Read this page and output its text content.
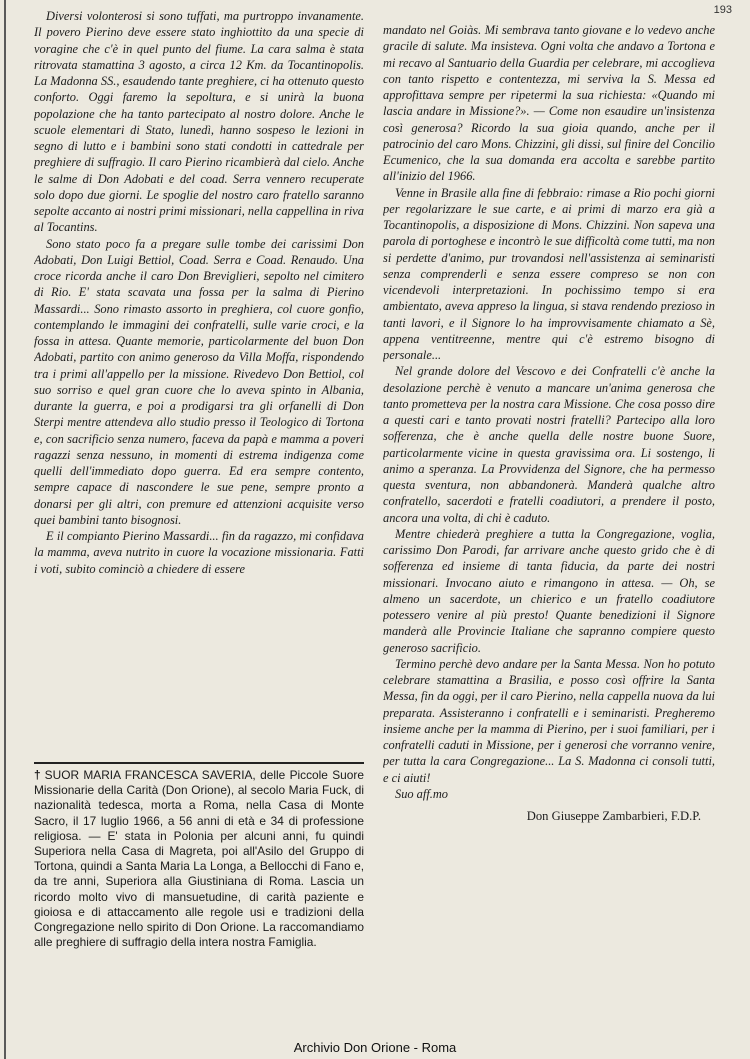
193

Diversi volonterosi si sono tuffati, ma purtroppo invanamente. Il povero Pierino deve essere stato inghiottito da una specie di voragine che c'è in quel punto del fiume. La cara salma è stata ritrovata stamattina 3 agosto, a circa 12 Km. da Tocantinopolis. La Madonna SS., esaudendo tante preghiere, ci ha ottenuto questo conforto. Oggi faremo la sepoltura, e si unirà la buona popolazione che ha tanto partecipato al nostro dolore. Anche le scuole elementari di Stato, lunedì, hanno sospeso le lezioni in segno di lutto e i bambini sono stati condotti in cattedrale per preghiere di suffragio. Il caro Pierino ricambierà dal cielo. Anche le salme di Don Adobati e del coad. Serra vennero recuperate solo dopo due giorni. Le spoglie del nostro caro fratello saranno sepolte accanto ai nostri primi missionari, nella cappellina in riva al Tocantins.

Sono stato poco fa a pregare sulle tombe dei carissimi Don Adobati, Don Luigi Bettiol, Coad. Serra e Coad. Renaudo. Una croce ricorda anche il caro Don Breviglieri, sepolto nel cimitero di Rio. E' stata scavata una fossa per la salma di Pierino Massardi... Sono rimasto assorto in preghiera, col cuore gonfio, contemplando le immagini dei confratelli, sulle varie croci, e la fossa in attesa. Quante memorie, particolarmente del buon Don Adobati, partito con animo generoso da Villa Moffa, rispondendo tra i primi all'appello per la missione. Rivedevo Don Bettiol, col suo sorriso e quel gran cuore che lo aveva spinto in Albania, durante la guerra, e poi a prodigarsi tra gli orfanelli di Don Sterpi mentre attendeva allo studio presso il Teologico di Tortona e, con sacrificio senza numero, faceva da papà e mamma a poveri ragazzi senza nessuno, in momenti di estrema indigenza come quelli dell'immediato dopo guerra. Ed era sempre contento, sempre capace di nascondere le sue pene, sempre pronto a donarsi per gli altri, con premure ed attenzioni acquisite verso quei bambini tanto bisognosi.

E il compianto Pierino Massardi... fin da ragazzo, mi confidava la mamma, aveva nutrito in cuore la vocazione missionaria. Fatti i voti, subito cominciò a chiedere di essere

† SUOR MARIA FRANCESCA SAVERIA, delle Piccole Suore Missionarie della Carità (Don Orione), al secolo Maria Fuck, di nazionalità tedesca, morta a Roma, nella Casa di Monte Sacro, il 17 luglio 1966, a 56 anni di età e 34 di professione religiosa. — E' stata in Polonia per alcuni anni, fu quindi Superiora nella Casa di Magreta, poi all'Asilo del Gruppo di Tortona, quindi a Santa Maria La Longa, a Bellocchi di Fano e, da tre anni, Superiora alla Giustiniana di Roma. Lascia un ricordo molto vivo di mansuetudine, di carità paziente e gioiosa e di attaccamento alle regole usi e tradizioni della Congregazione nello spirito di Don Orione. La raccomandiamo alle preghiere di suffragio della intera nostra Famiglia.

mandato nel Goiàs. Mi sembrava tanto giovane e lo vedevo anche gracile di salute. Ma insisteva. Ogni volta che andavo a Tortona e mi recavo al Santuario della Guardia per celebrare, mi accoglieva con tanto rispetto e contentezza, mi serviva la S. Messa ed approfittava sempre per ripetermi la sua richiesta: «Quando mi lascia andare in Missione?». — Come non esaudire un'insistenza così generosa? Ricordo la sua gioia quando, anche per il patrocinio del caro Mons. Chizzini, gli dissi, sul finire del Concilio Ecumenico, che la sua domanda era accolta e sarebbe partito all'inizio del 1966.

Venne in Brasile alla fine di febbraio: rimase a Rio pochi giorni per regolarizzare le sue carte, e ai primi di marzo era già a Tocantinopolis, a disposizione di Mons. Chizzini. Non sapeva una parola di portoghese e incontrò le sue difficoltà come tutti, ma non si perdette d'animo, pur trovandosi nell'assistenza ai seminaristi senza comprenderli e senza essere compreso se non con vicendevoli interpretazioni. In pochissimo tempo si era ambientato, aveva appreso la lingua, si stava rendendo prezioso in tanti lavori, e il Signore lo ha improvvisamente chiamato a Sè, appena ventitreenne, mentre qui c'è estremo bisogno di personale...

Nel grande dolore del Vescovo e dei Confratelli c'è anche la desolazione perchè è venuto a mancare un'anima generosa che tanto prometteva per la nostra cara Missione. Che cosa posso dire a questi cari e tanto provati nostri fratelli? Partecipo alla loro sofferenza, che è anche quella delle nostre buone Suore, particolarmente vicine in questa gravissima ora. Li sostengo, li animo a speranza. La Provvidenza del Signore, che ha permesso questa sventura, non abbandonerà. Manderà qualche altro confratello, sacerdoti e fratelli coadiutori, a prendere il posto, ancora una volta, di chi è caduto.

Mentre chiederà preghiere a tutta la Congregazione, voglia, carissimo Don Parodi, far arrivare anche questo grido che è di sofferenza ed insieme di tanta fiducia, da parte dei nostri missionari. Invocano aiuto e rimangono in attesa. — Oh, se almeno un sacerdote, un chierico e un fratello coadiutore potessero venire al più presto! Quante benedizioni il Signore manderà alle Provincie Italiane che sapranno compiere questo generoso sacrificio.

Termino perchè devo andare per la Santa Messa. Non ho potuto celebrare stamattina a Brasilia, e posso così offrire la Santa Messa, fin da oggi, per il caro Pierino, nella cappella nuova da lui preparata. Assisteranno i confratelli e i seminaristi. Pregheremo insieme anche per la mamma di Pierino, per i suoi familiari, per i confratelli caduti in Missione, per i generosi che vorranno venire, per tutta la cara Congregazione... La S. Madonna ci consoli tutti, e ci aiuti!

Suo aff.mo

Don Giuseppe Zambarbieri, F.D.P.

Archivio Don Orione - Roma
